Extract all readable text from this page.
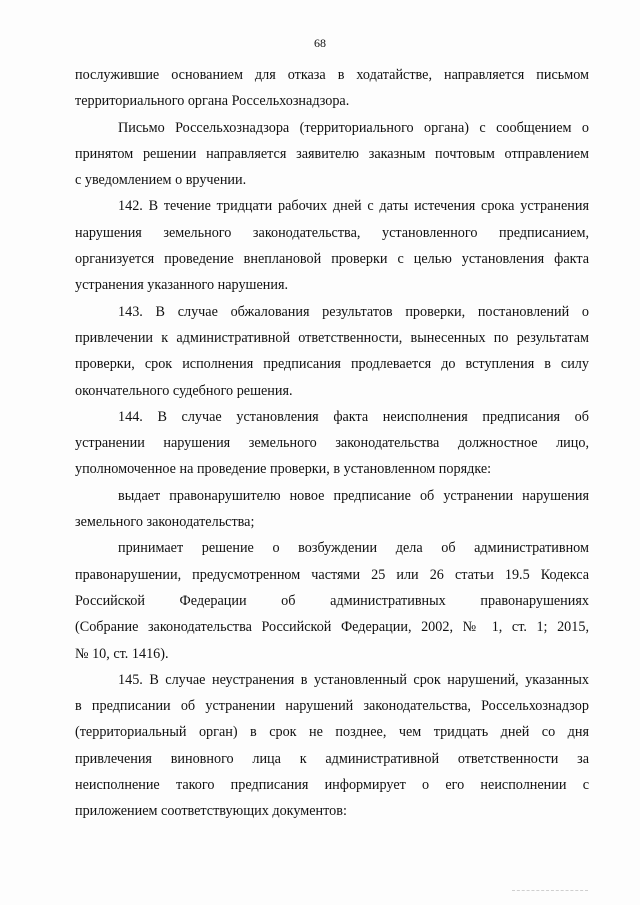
68
послужившие основанием для отказа в ходатайстве, направляется письмом
территориального органа Россельхознадзора.
Письмо Россельхознадзора (территориального органа) с сообщением о
принятом решении направляется заявителю заказным почтовым отправлением
с уведомлением о вручении.
142. В течение тридцати рабочих дней с даты истечения срока устранения
нарушения земельного законодательства, установленного предписанием,
организуется проведение внеплановой проверки с целью установления факта
устранения указанного нарушения.
143. В случае обжалования результатов проверки, постановлений о
привлечении к административной ответственности, вынесенных по результатам
проверки, срок исполнения предписания продлевается до вступления в силу
окончательного судебного решения.
144. В случае установления факта неисполнения предписания об
устранении нарушения земельного законодательства должностное лицо,
уполномоченное на проведение проверки, в установленном порядке:
выдает правонарушителю новое предписание об устранении нарушения
земельного законодательства;
принимает решение о возбуждении дела об административном
правонарушении, предусмотренном частями 25 или 26 статьи 19.5 Кодекса
Российской Федерации об административных правонарушениях
(Собрание законодательства Российской Федерации, 2002, № 1, ст. 1; 2015,
№ 10, ст. 1416).
145. В случае неустранения в установленный срок нарушений, указанных
в предписании об устранении нарушений законодательства, Россельхознадзор
(территориальный орган) в срок не позднее, чем тридцать дней со дня
привлечения виновного лица к административной ответственности за
неисполнение такого предписания информирует о его неисполнении с
приложением соответствующих документов:
